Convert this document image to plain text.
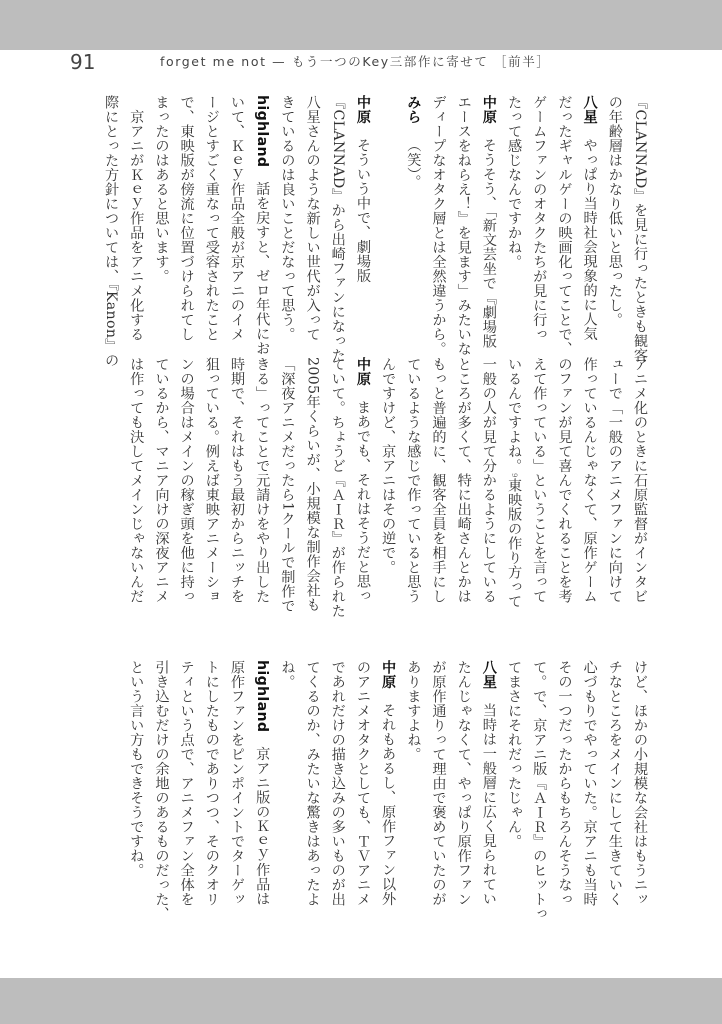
91	forget me not — もう一つのKey三部作に寄せて ［前半］
『CLANNAD』を見に行ったときも観客
の年齢層はかなり低いと思ったし。
八星やっぱり当時社会現象的に人気
だったギャルゲーの映画化ってことで、
ゲームファンのオタクたちが見に行っ
たって感じなんですかね。
中原そうそう、「新文芸坐で『劇場版
エースをねらえ！』を見ます」みたいな
ディープなオタク層とは全然違うから。
みら（笑）。
中原そういう中で、劇場版
『CLANNAD』から出崎ファンになった
八星さんのような新しい世代が入って
きているのは良いことだなって思う。
highland話を戻すと、ゼロ年代にお
いて、Ｋｅｙ作品全般が京アニのイメ
ージとすごく重なって受容されたこと
で、東映版が傍流に位置づけられてし
まったのはあると思います。
　京アニがＫｅｙ作品をアニメ化する
際にとった方針については、『Kanon』の
アニメ化のときに石原監督がインタビ
ューで「一般のアニメファンに向けて
作っているんじゃなくて、原作ゲーム
のファンが見て喜んでくれることを考
えて作っている」ということを言って
いるんですよね。9東映版の作り方って
一般の人が見て分かるようにしている
ところが多くて、特に出崎さんとかは
もっと普遍的に、観客全員を相手にし
ているような感じで作っていると思う
んですけど、京アニはその逆で。
中原まあでも、それはそうだと思っ
ていて。ちょうど『ＡＩＲ』が作られた
2005年くらいが、小規模な制作会社も
「深夜アニメだったら1クールで制作で
きる」ってことで元請けをやり出した
時期で、それはもう最初からニッチを
狙っている。例えば東映アニメーショ
ンの場合はメインの稼ぎ頭を他に持っ
ているから、マニア向けの深夜アニメ
は作っても決してメインじゃないんだ
けど、ほかの小規模な会社はもうニッ
チなところをメインにして生きていく
心づもりでやっていた。京アニも当時
その一つだったからもちろんそうなっ
て。で、京アニ版『ＡＩＲ』のヒットっ
てまさにそれだったじゃん。
八星当時は一般層に広く見られてい
たんじゃなくて、やっぱり原作ファン
が原作通りって理由で褒めていたのが
ありますよね。
中原それもあるし、原作ファン以外
のアニメオタクとしても、ＴＶアニメ
であれだけの描き込みの多いものが出
てくるのか、みたいな驚きはあったよ
ね。
highland京アニ版のＫｅｙ作品は
原作ファンをピンポイントでターゲッ
トにしたものでありつつ、そのクオリ
ティという点で、アニメファン全体を
引き込むだけの余地のあるものだった、
という言い方もできそうですね。
